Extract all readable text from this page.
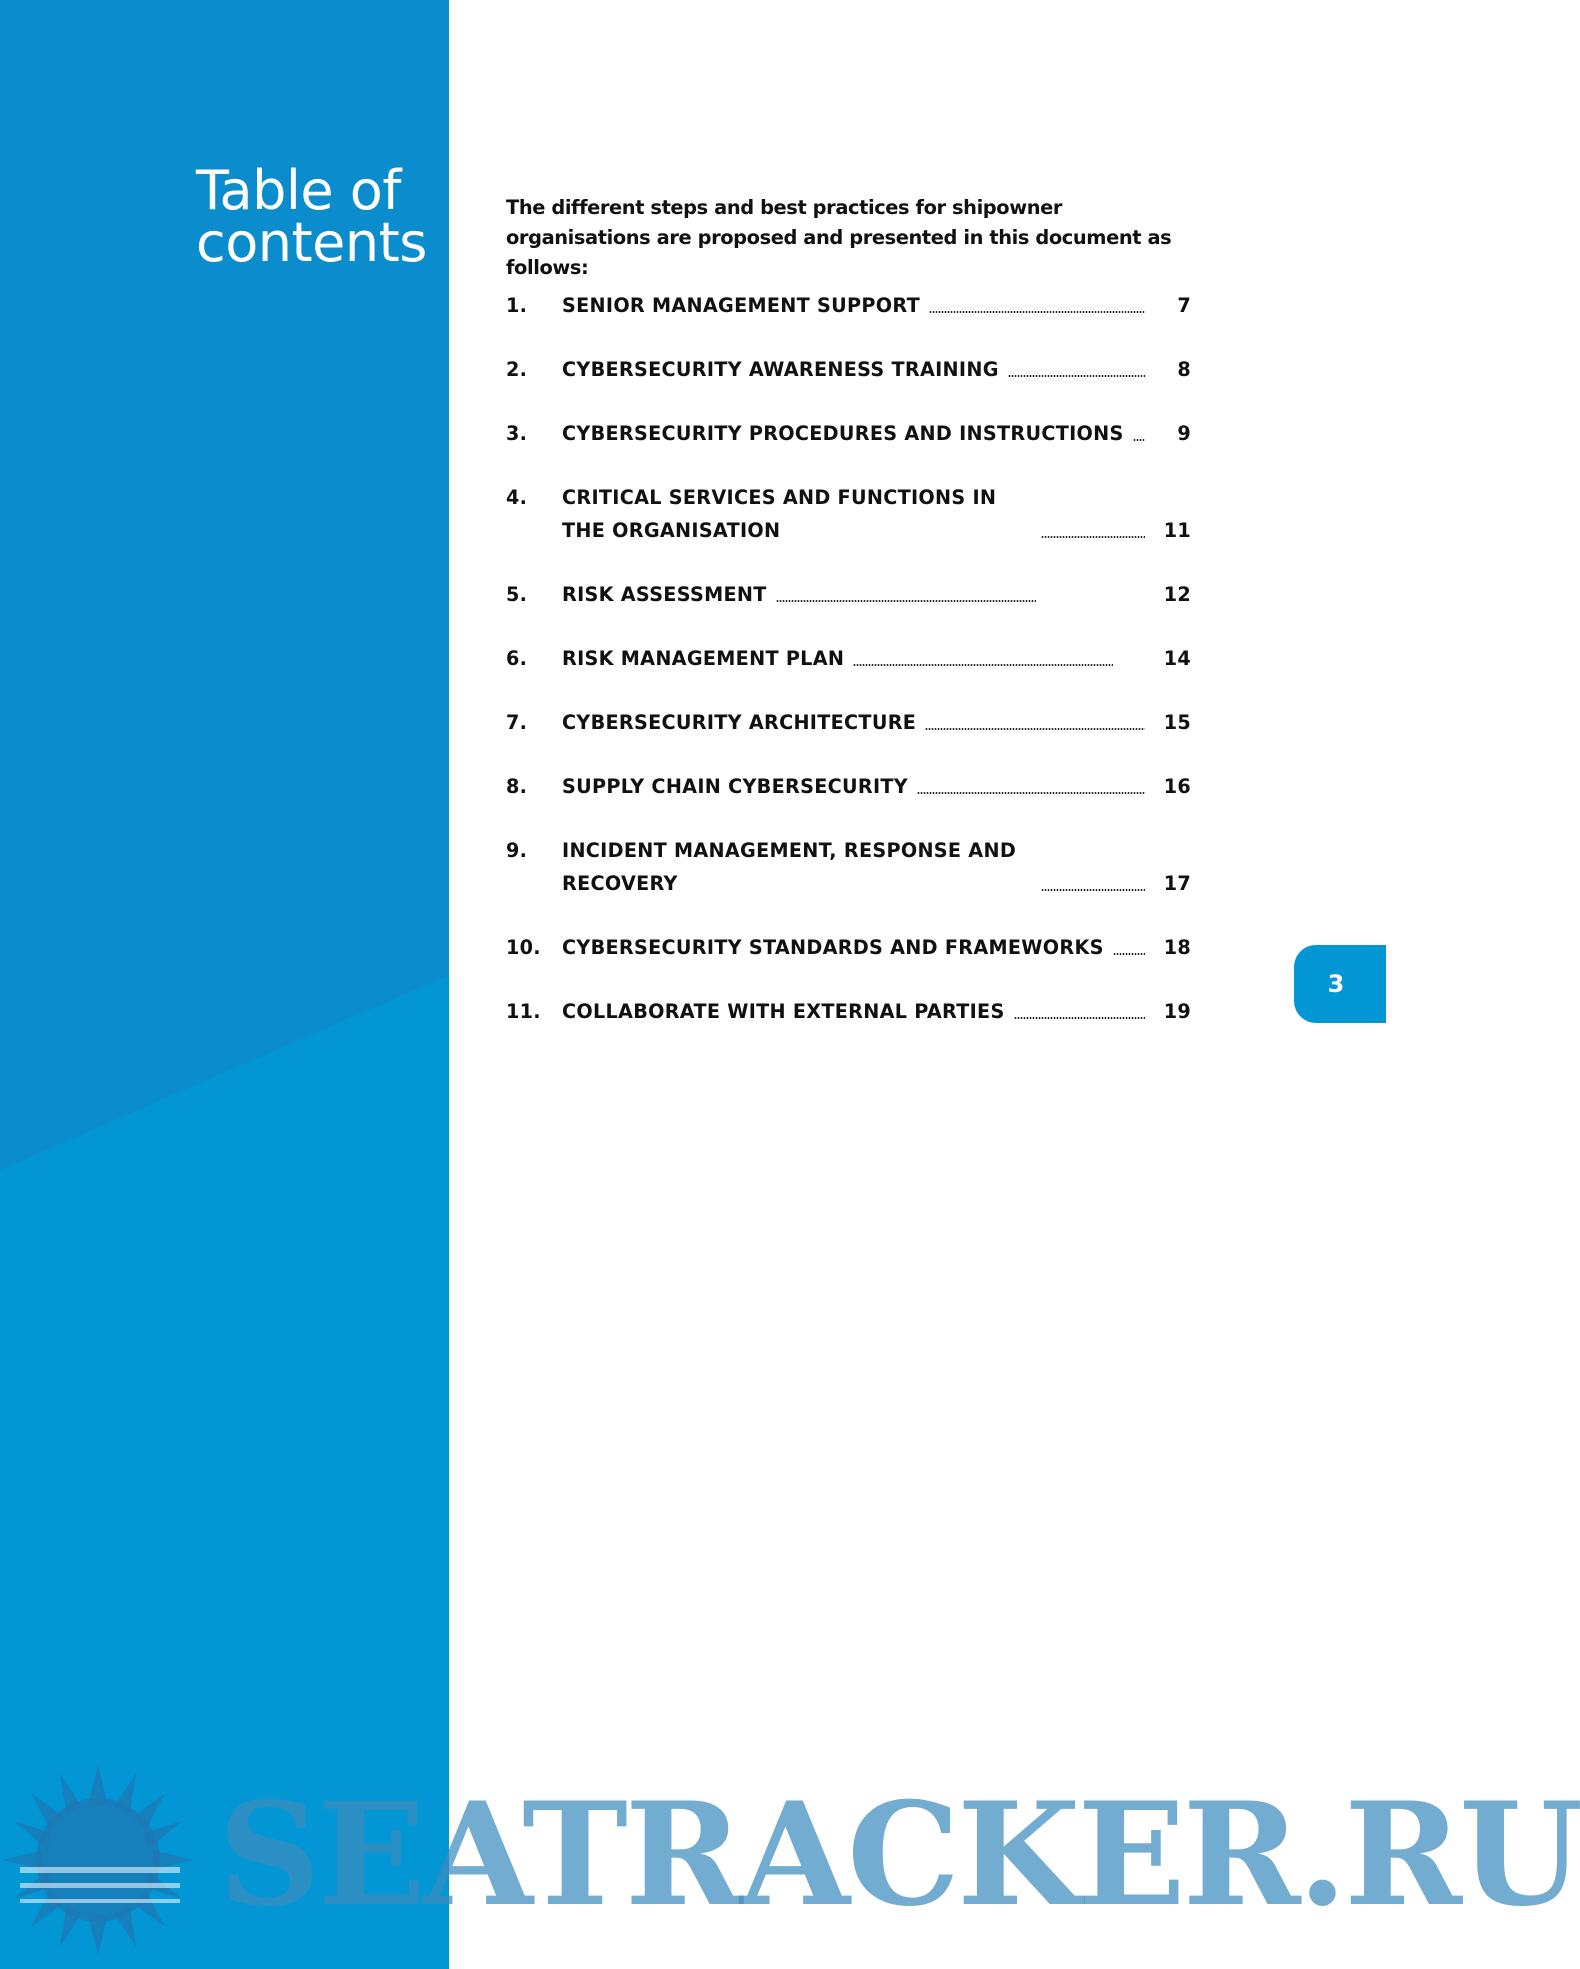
Table of
contents

The different steps and best practices for shipowner organisations are proposed and presented in this document as follows:

1.	SENIOR MANAGEMENT SUPPORT	7
2.	CYBERSECURITY AWARENESS TRAINING	8
3.	CYBERSECURITY PROCEDURES AND INSTRUCTIONS	9
4.	CRITICAL SERVICES AND FUNCTIONS IN THE ORGANISATION	11
5.	RISK ASSESSMENT	12
6.	RISK MANAGEMENT PLAN	14
7.	CYBERSECURITY ARCHITECTURE	15
8.	SUPPLY CHAIN CYBERSECURITY	16
9.	INCIDENT MANAGEMENT, RESPONSE AND RECOVERY	17
10.	CYBERSECURITY STANDARDS AND FRAMEWORKS	18
11.	COLLABORATE WITH EXTERNAL PARTIES	19
3
SEATRACKER.RU
